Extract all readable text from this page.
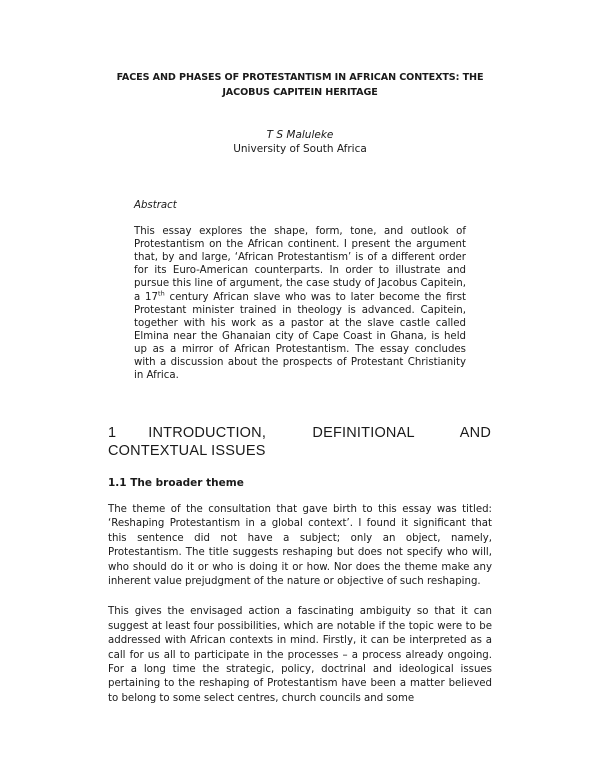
FACES AND PHASES OF PROTESTANTISM IN AFRICAN CONTEXTS: THE JACOBUS CAPITEIN HERITAGE
T S Maluleke
University of South Africa
Abstract

This essay explores the shape, form, tone, and outlook of Protestantism on the African continent. I present the argument that, by and large, ‘African Protestantism’ is of a different order for its Euro-American counterparts. In order to illustrate and pursue this line of argument, the case study of Jacobus Capitein, a 17th century African slave who was to later become the first Protestant minister trained in theology is advanced. Capitein, together with his work as a pastor at the slave castle called Elmina near the Ghanaian city of Cape Coast in Ghana, is held up as a mirror of African Protestantism. The essay concludes with a discussion about the prospects of Protestant Christianity in Africa.

1 INTRODUCTION, DEFINITIONAL AND CONTEXTUAL ISSUES
1.1 The broader theme

The theme of the consultation that gave birth to this essay was titled: ‘Reshaping Protestantism in a global context’. I found it significant that this sentence did not have a subject; only an object, namely, Protestantism. The title suggests reshaping but does not specify who will, who should do it or who is doing it or how. Nor does the theme make any inherent value prejudgment of the nature or objective of such reshaping.

This gives the envisaged action a fascinating ambiguity so that it can suggest at least four possibilities, which are notable if the topic were to be addressed with African contexts in mind. Firstly, it can be interpreted as a call for us all to participate in the processes – a process already ongoing. For a long time the strategic, policy, doctrinal and ideological issues pertaining to the reshaping of Protestantism have been a matter believed to belong to some select centres, church councils and some
